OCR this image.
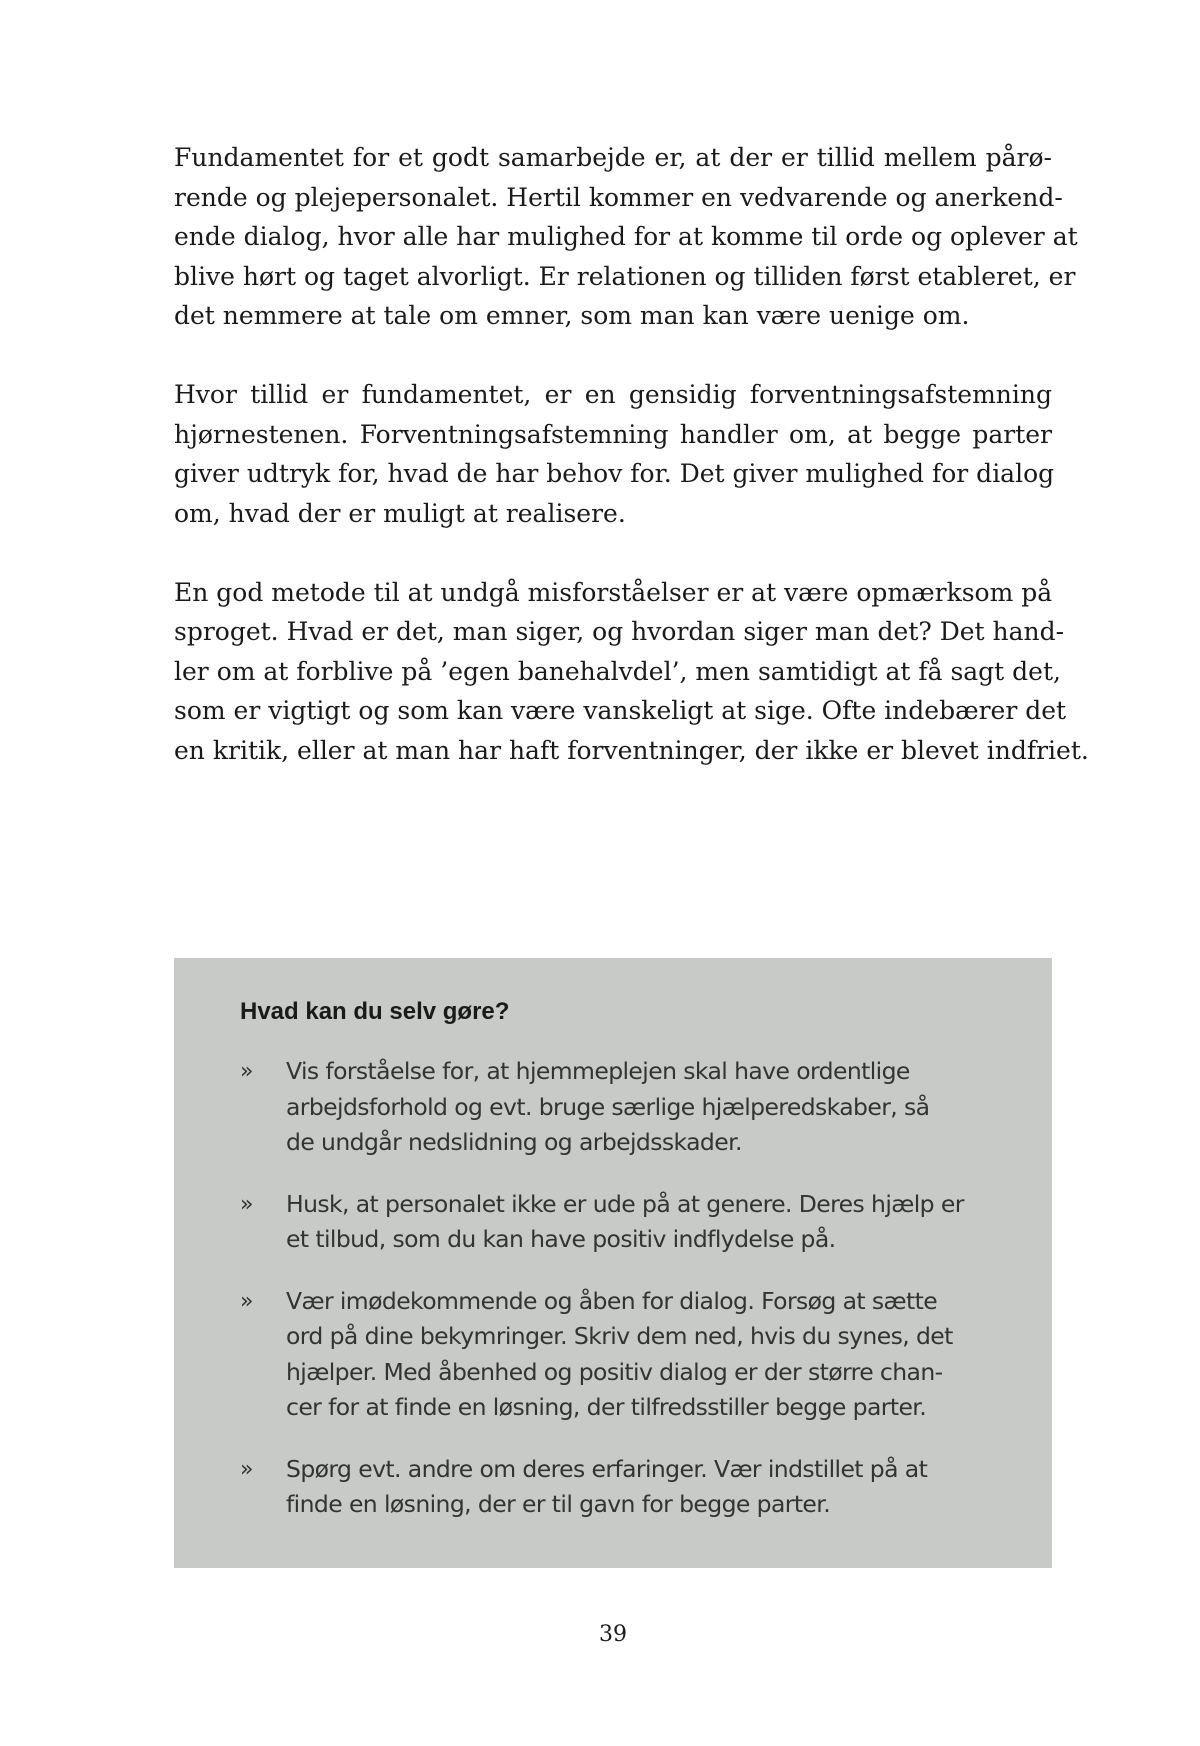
Fundamentet for et godt samarbejde er, at der er tillid mellem pårø-
rende og plejepersonalet. Hertil kommer en vedvarende og anerkend-
ende dialog, hvor alle har mulighed for at komme til orde og oplever at
blive hørt og taget alvorligt. Er relationen og tilliden først etableret, er
det nemmere at tale om emner, som man kan være uenige om.

Hvor tillid er fundamentet, er en gensidig forventningsafstemning
hjørnestenen. Forventningsafstemning handler om, at begge parter
giver udtryk for, hvad de har behov for. Det giver mulighed for dialog
om, hvad der er muligt at realisere.

En god metode til at undgå misforståelser er at være opmærksom på
sproget. Hvad er det, man siger, og hvordan siger man det? Det hand-
ler om at forblive på ’egen banehalvdel’, men samtidigt at få sagt det,
som er vigtigt og som kan være vanskeligt at sige. Ofte indebærer det
en kritik, eller at man har haft forventninger, der ikke er blevet indfriet.

Hvad kan du selv gøre?
» Vis forståelse for, at hjemmeplejen skal have ordentlige
arbejdsforhold og evt. bruge særlige hjælperedskaber, så
de undgår nedslidning og arbejdsskader.
» Husk, at personalet ikke er ude på at genere. Deres hjælp er
et tilbud, som du kan have positiv indflydelse på.
» Vær imødekommende og åben for dialog. Forsøg at sætte
ord på dine bekymringer. Skriv dem ned, hvis du synes, det
hjælper. Med åbenhed og positiv dialog er der større chan-
cer for at finde en løsning, der tilfredsstiller begge parter.
» Spørg evt. andre om deres erfaringer. Vær indstillet på at
finde en løsning, der er til gavn for begge parter.
39
